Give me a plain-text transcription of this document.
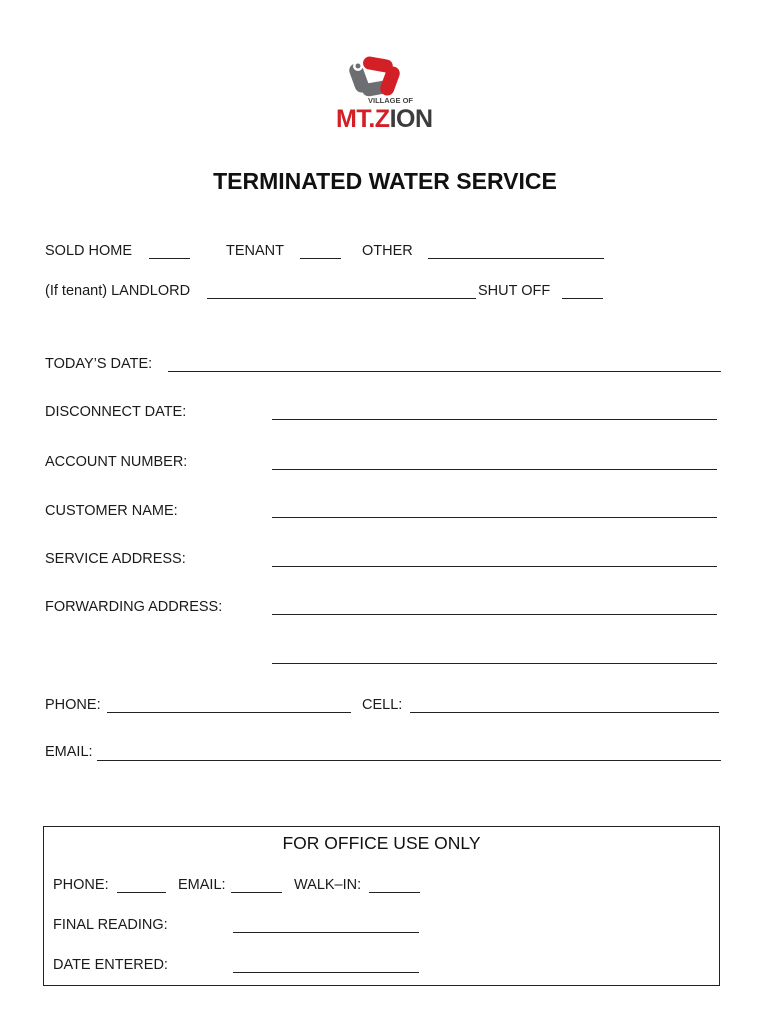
VILLAGE OF

MT.ZION

TERMINATED WATER SERVICE
SOLD HOME	TENANT	OTHER
(If tenant) LANDLORD	SHUT OFF
TODAY’S DATE:
DISCONNECT DATE:
ACCOUNT NUMBER:
CUSTOMER NAME:
SERVICE ADDRESS:
FORWARDING ADDRESS:
PHONE:	CELL:
EMAIL:
FOR OFFICE USE ONLY
PHONE:	EMAIL:	WALK–IN:
FINAL READING:
DATE ENTERED:
